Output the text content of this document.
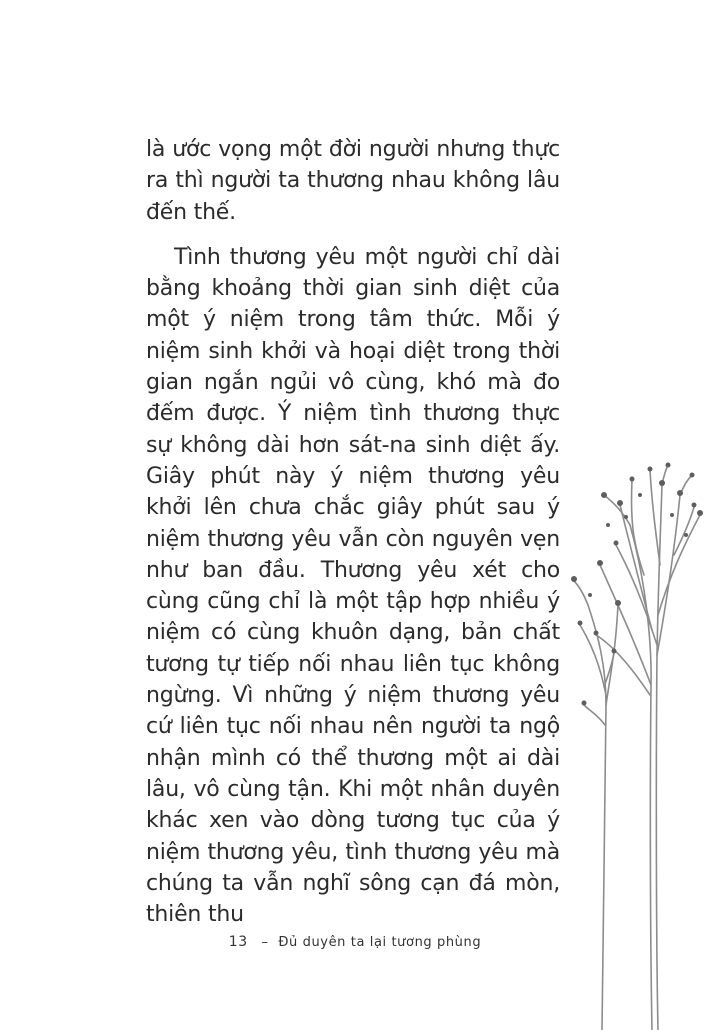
là ước vọng một đời người nhưng thực ra thì người ta thương nhau không lâu đến thế.

Tình thương yêu một người chỉ dài bằng khoảng thời gian sinh diệt của một ý niệm trong tâm thức. Mỗi ý niệm sinh khởi và hoại diệt trong thời gian ngắn ngủi vô cùng, khó mà đo đếm được. Ý niệm tình thương thực sự không dài hơn sát-na sinh diệt ấy. Giây phút này ý niệm thương yêu khởi lên chưa chắc giây phút sau ý niệm thương yêu vẫn còn nguyên vẹn như ban đầu. Thương yêu xét cho cùng cũng chỉ là một tập hợp nhiều ý niệm có cùng khuôn dạng, bản chất tương tự tiếp nối nhau liên tục không ngừng. Vì những ý niệm thương yêu cứ liên tục nối nhau nên người ta ngộ nhận mình có thể thương một ai dài lâu, vô cùng tận. Khi một nhân duyên khác xen vào dòng tương tục của ý niệm thương yêu, tình thương yêu mà chúng ta vẫn nghĩ sông cạn đá mòn, thiên thu

13 – Đủ duyên ta lại tương phùng
